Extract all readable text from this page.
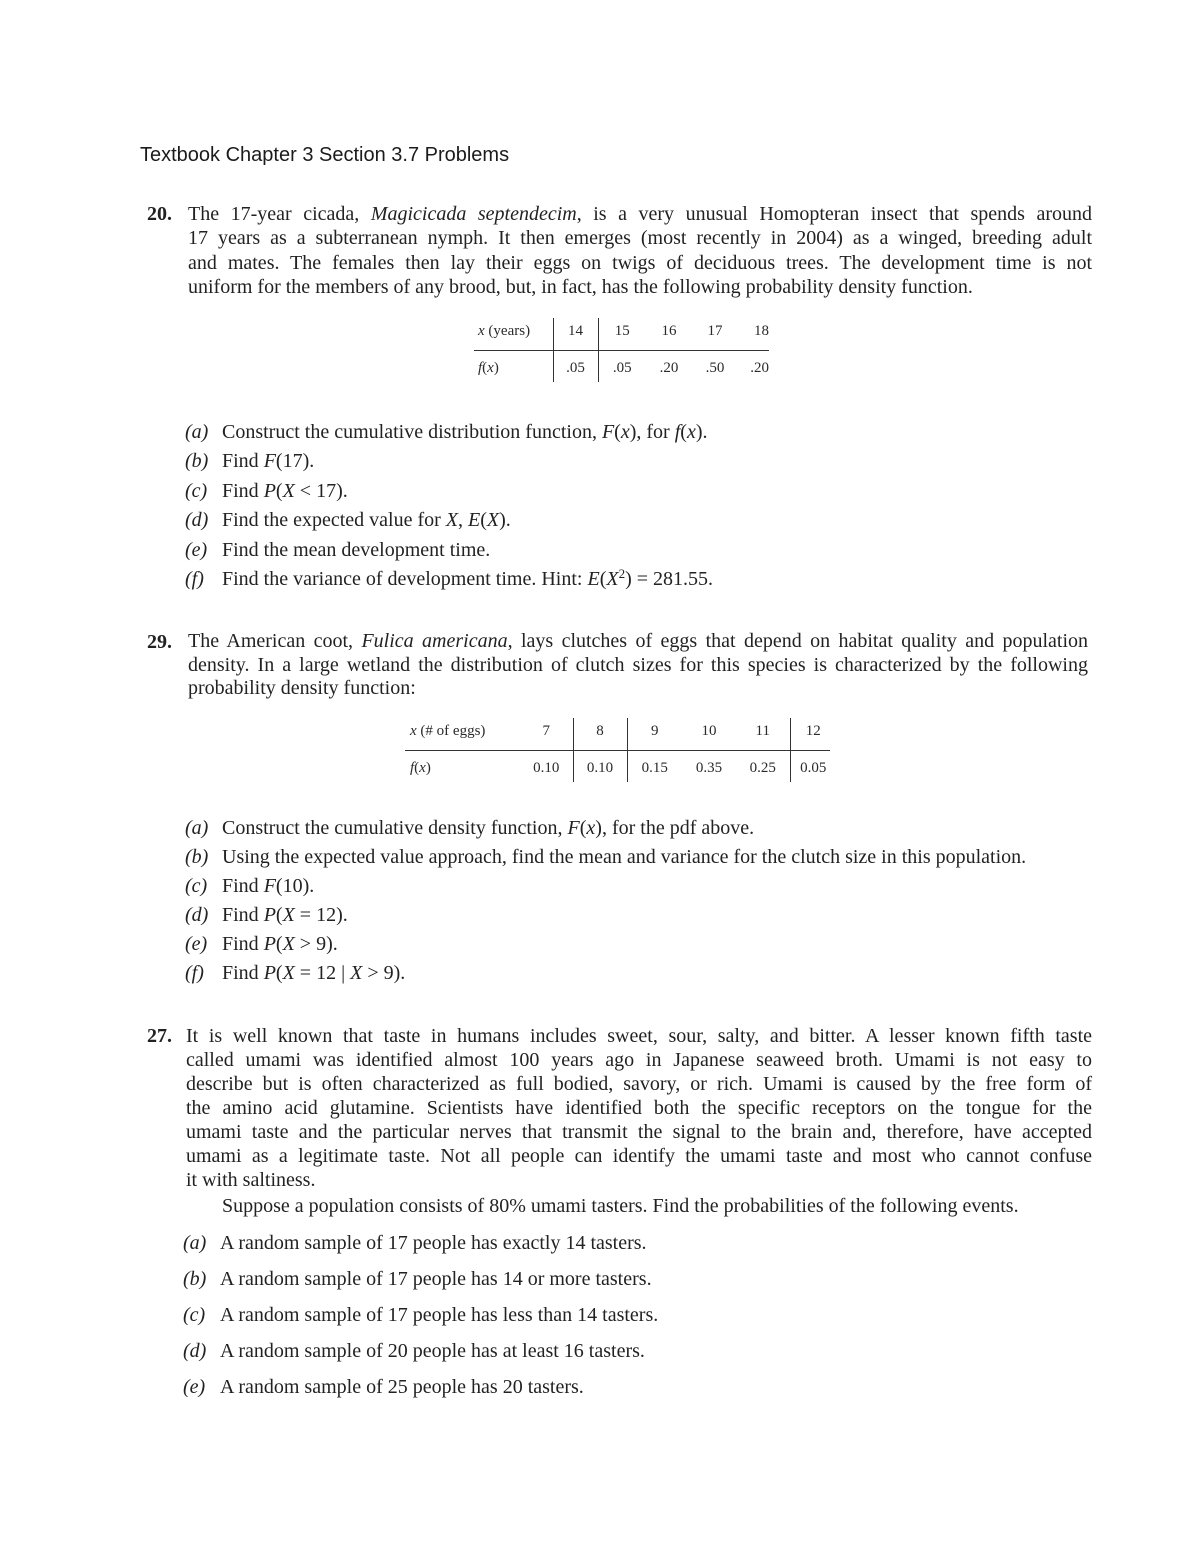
Textbook Chapter 3 Section 3.7 Problems
20. The 17-year cicada, Magicicada septendecim, is a very unusual Homopteran insect that spends around
17 years as a subterranean nymph. It then emerges (most recently in 2004) as a winged, breeding adult
and mates. The females then lay their eggs on twigs of deciduous trees. The development time is not
uniform for the members of any brood, but, in fact, has the following probability density function.
x (years)	14	15	16	17	18
f(x)	.05	.05	.20	.50	.20
(a) Construct the cumulative distribution function, F(x), for f(x).
(b) Find F(17).
(c) Find P(X < 17).
(d) Find the expected value for X, E(X).
(e) Find the mean development time.
(f) Find the variance of development time. Hint: $E(X^2) = 281.55$.
29. The American coot, Fulica americana, lays clutches of eggs that depend on habitat quality and population
density. In a large wetland the distribution of clutch sizes for this species is characterized by the following
probability density function:
x (# of eggs)	7	8	9	10	11	12
f(x)	0.10	0.10	0.15	0.35	0.25	0.05
(a) Construct the cumulative density function, F(x), for the pdf above.
(b) Using the expected value approach, find the mean and variance for the clutch size in this population.
(c) Find F(10).
(d) Find P(X = 12).
(e) Find P(X > 9).
(f) Find P(X = 12 | X > 9).
27. It is well known that taste in humans includes sweet, sour, salty, and bitter. A lesser known fifth taste
called umami was identified almost 100 years ago in Japanese seaweed broth. Umami is not easy to
describe but is often characterized as full bodied, savory, or rich. Umami is caused by the free form of
the amino acid glutamine. Scientists have identified both the specific receptors on the tongue for the
umami taste and the particular nerves that transmit the signal to the brain and, therefore, have accepted
umami as a legitimate taste. Not all people can identify the umami taste and most who cannot confuse
it with saltiness.
Suppose a population consists of 80% umami tasters. Find the probabilities of the following events.
(a) A random sample of 17 people has exactly 14 tasters.
(b) A random sample of 17 people has 14 or more tasters.
(c) A random sample of 17 people has less than 14 tasters.
(d) A random sample of 20 people has at least 16 tasters.
(e) A random sample of 25 people has 20 tasters.
